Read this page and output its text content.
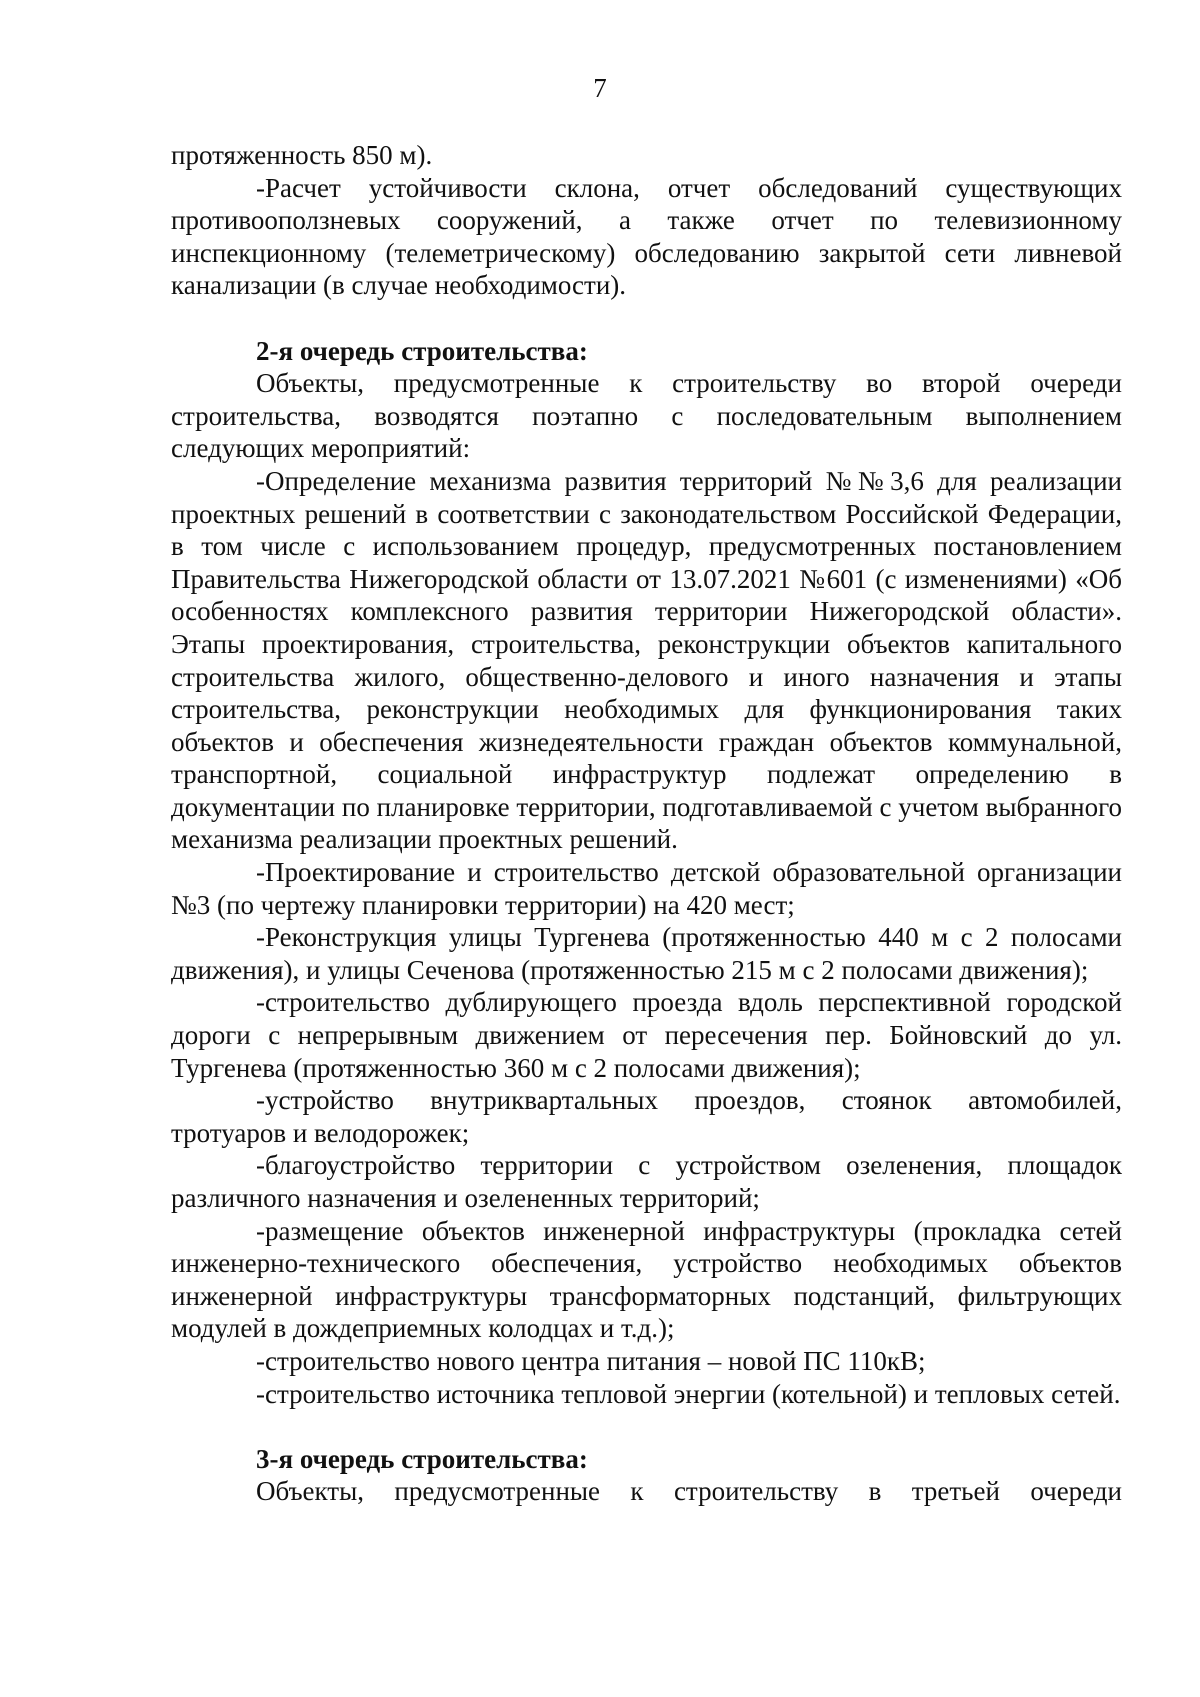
7

протяженность 850 м).

-Расчет устойчивости склона, отчет обследований существующих противооползневых сооружений, а также отчет по телевизионному инспекционному (телеметрическому) обследованию закрытой сети ливневой канализации (в случае необходимости).

2-я очередь строительства:

Объекты, предусмотренные к строительству во второй очереди строительства, возводятся поэтапно с последовательным выполнением следующих мероприятий:

-Определение механизма развития территорий №№3,6 для реализации проектных решений в соответствии с законодательством Российской Федерации, в том числе с использованием процедур, предусмотренных постановлением Правительства Нижегородской области от 13.07.2021 №601 (с изменениями) «Об особенностях комплексного развития территории Нижегородской области». Этапы проектирования, строительства, реконструкции объектов капитального строительства жилого, общественно-делового и иного назначения и этапы строительства, реконструкции необходимых для функционирования таких объектов и обеспечения жизнедеятельности граждан объектов коммунальной, транспортной, социальной инфраструктур подлежат определению в документации по планировке территории, подготавливаемой с учетом выбранного механизма реализации проектных решений.

-Проектирование и строительство детской образовательной организации №3 (по чертежу планировки территории) на 420 мест;

-Реконструкция улицы Тургенева (протяженностью 440 м с 2 полосами движения), и улицы Сеченова (протяженностью 215 м с 2 полосами движения);

-строительство дублирующего проезда вдоль перспективной городской дороги с непрерывным движением от пересечения пер. Бойновский до ул. Тургенева (протяженностью 360 м с 2 полосами движения);

-устройство внутриквартальных проездов, стоянок автомобилей, тротуаров и велодорожек;

-благоустройство территории с устройством озеленения, площадок различного назначения и озелененных территорий;

-размещение объектов инженерной инфраструктуры (прокладка сетей инженерно-технического обеспечения, устройство необходимых объектов инженерной инфраструктуры трансформаторных подстанций, фильтрующих модулей в дождеприемных колодцах и т.д.);

-строительство нового центра питания – новой ПС 110кВ;

-строительство источника тепловой энергии (котельной) и тепловых сетей.

3-я очередь строительства:

Объекты, предусмотренные к строительству в третьей очереди
